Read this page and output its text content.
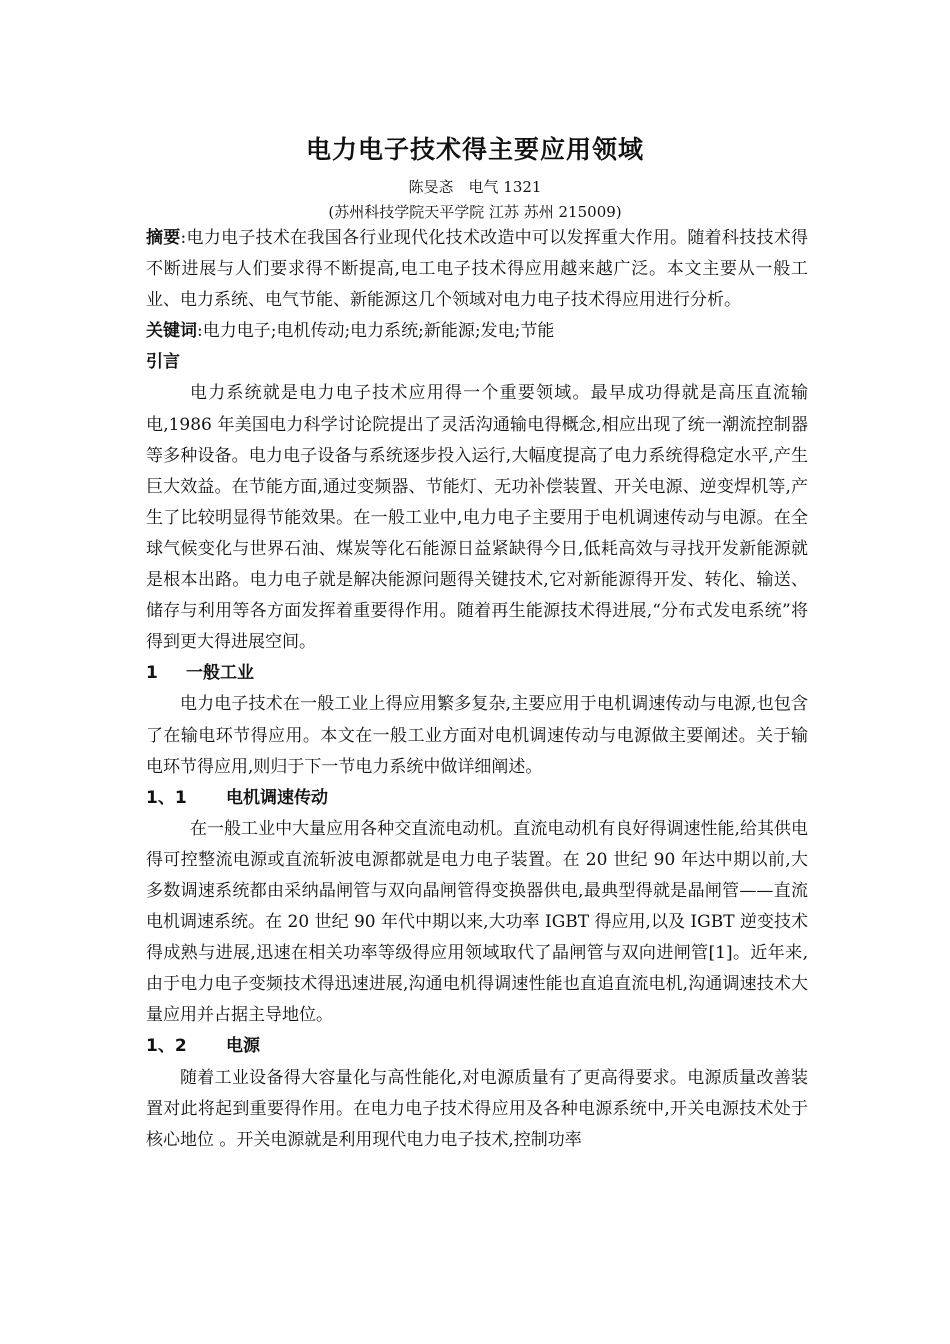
电力电子技术得主要应用领域
陈旻忞　电气 1321
(苏州科技学院天平学院 江苏 苏州 215009)

摘要:电力电子技术在我国各行业现代化技术改造中可以发挥重大作用。随着科技技术得不断进展与人们要求得不断提高,电工电子技术得应用越来越广泛。本文主要从一般工业、电力系统、电气节能、新能源这几个领域对电力电子技术得应用进行分析。

关键词:电力电子;电机传动;电力系统;新能源;发电;节能

引言

电力系统就是电力电子技术应用得一个重要领域。最早成功得就是高压直流输电,1986 年美国电力科学讨论院提出了灵活沟通输电得概念,相应出现了统一潮流控制器等多种设备。电力电子设备与系统逐步投入运行,大幅度提高了电力系统得稳定水平,产生巨大效益。在节能方面,通过变频器、节能灯、无功补偿装置、开关电源、逆变焊机等,产生了比较明显得节能效果。在一般工业中,电力电子主要用于电机调速传动与电源。在全球气候变化与世界石油、煤炭等化石能源日益紧缺得今日,低耗高效与寻找开发新能源就是根本出路。电力电子就是解决能源问题得关键技术,它对新能源得开发、转化、输送、储存与利用等各方面发挥着重要得作用。随着再生能源技术得进展,“分布式发电系统”将得到更大得进展空间。

1 一般工业

电力电子技术在一般工业上得应用繁多复杂,主要应用于电机调速传动与电源,也包含了在输电环节得应用。本文在一般工业方面对电机调速传动与电源做主要阐述。关于输电环节得应用,则归于下一节电力系统中做详细阐述。

1、1 电机调速传动

在一般工业中大量应用各种交直流电动机。直流电动机有良好得调速性能,给其供电得可控整流电源或直流斩波电源都就是电力电子装置。在 20 世纪 90 年达中期以前,大多数调速系统都由采纳晶闸管与双向晶闸管得变换器供电,最典型得就是晶闸管——直流电机调速系统。在 20 世纪 90 年代中期以来,大功率 IGBT 得应用,以及 IGBT 逆变技术得成熟与进展,迅速在相关功率等级得应用领域取代了晶闸管与双向进闸管[1]。近年来,由于电力电子变频技术得迅速进展,沟通电机得调速性能也直追直流电机,沟通调速技术大量应用并占据主导地位。

1、2 电源

随着工业设备得大容量化与高性能化,对电源质量有了更高得要求。电源质量改善装置对此将起到重要得作用。在电力电子技术得应用及各种电源系统中,开关电源技术处于核心地位 。开关电源就是利用现代电力电子技术,控制功率
